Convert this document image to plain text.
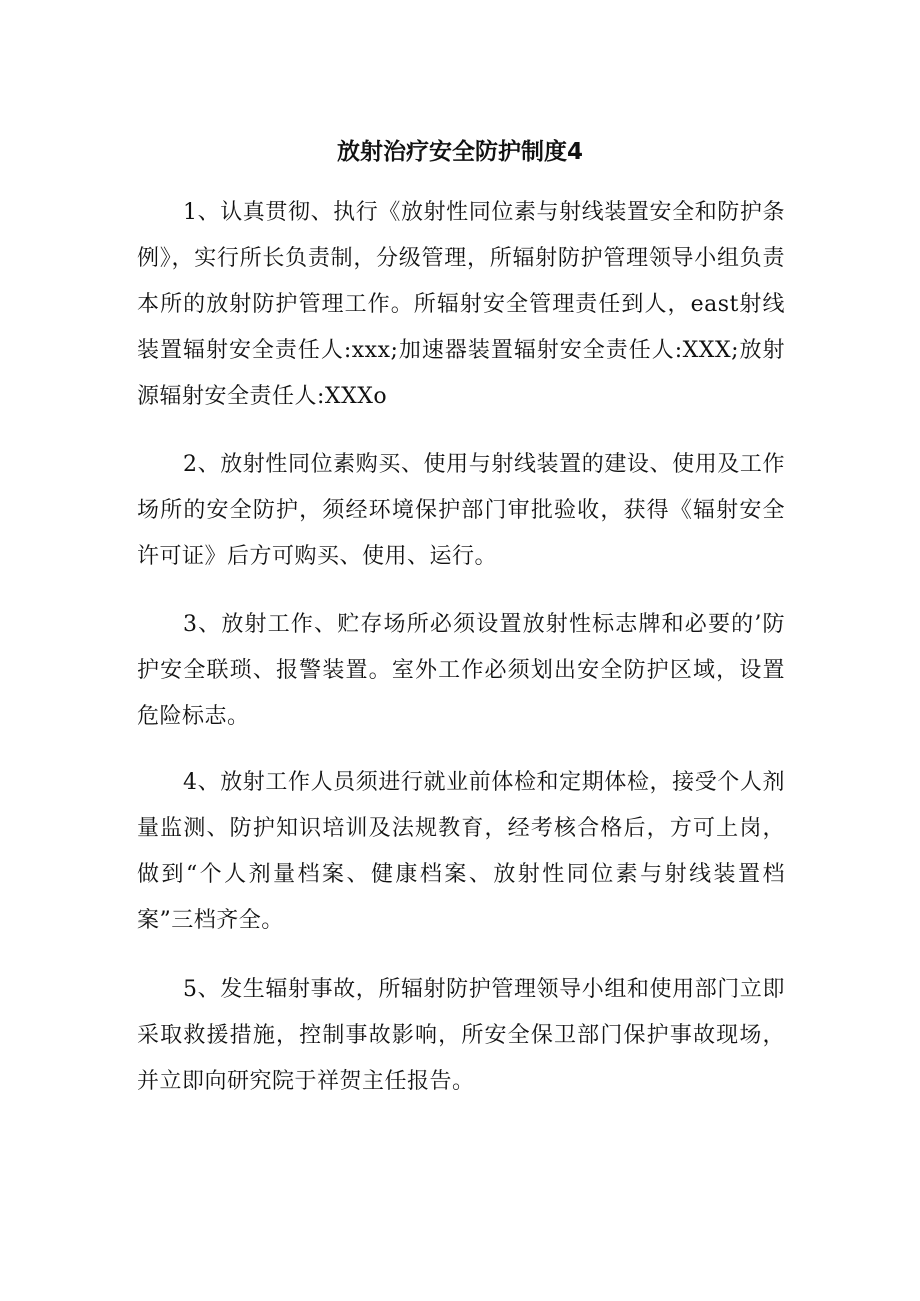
放射治疗安全防护制度4

1、认真贯彻、执行《放射性同位素与射线装置安全和防护条例》，实行所长负责制，分级管理，所辐射防护管理领导小组负责本所的放射防护管理工作。所辐射安全管理责任到人，east射线装置辐射安全责任人:xxx;加速器装置辐射安全责任人:XXX;放射源辐射安全责任人:XXXo

2、放射性同位素购买、使用与射线装置的建设、使用及工作场所的安全防护，须经环境保护部门审批验收，获得《辐射安全许可证》后方可购买、使用、运行。

3、放射工作、贮存场所必须设置放射性标志牌和必要的’防护安全联琐、报警装置。室外工作必须划出安全防护区域，设置危险标志。

4、放射工作人员须进行就业前体检和定期体检，接受个人剂量监测、防护知识培训及法规教育，经考核合格后，方可上岗，做到“个人剂量档案、健康档案、放射性同位素与射线装置档案”三档齐全。

5、发生辐射事故，所辐射防护管理领导小组和使用部门立即采取救援措施，控制事故影响，所安全保卫部门保护事故现场，并立即向研究院于祥贺主任报告。
